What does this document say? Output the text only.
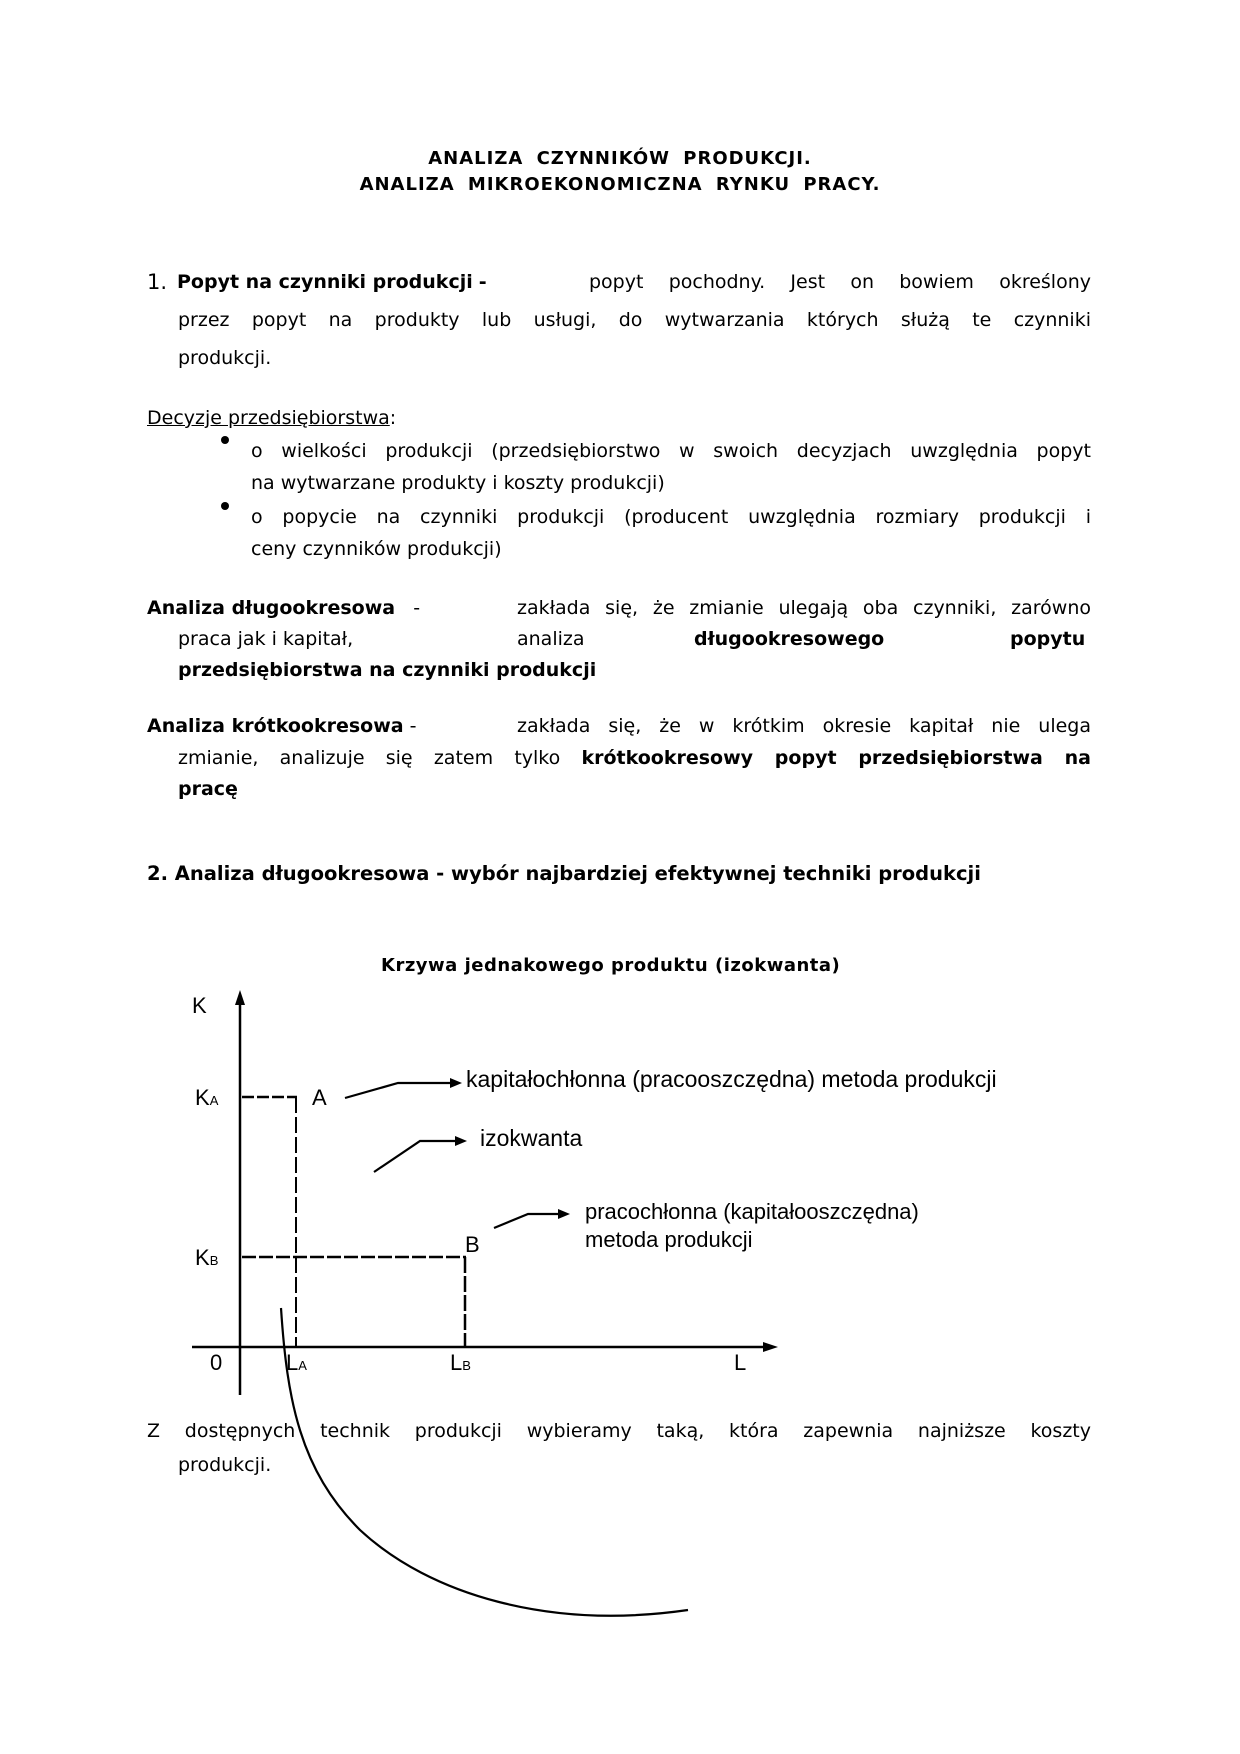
ANALIZA CZYNNIKÓW PRODUKCJI.
ANALIZA MIKROEKONOMICZNA RYNKU PRACY.
1. Popyt na czynniki produkcji -	popyt pochodny. Jest on bowiem określony
przez popyt na produkty lub usługi, do wytwarzania których służą te czynniki
produkcji.
Decyzje przedsiębiorstwa:
o wielkości produkcji (przedsiębiorstwo w swoich decyzjach uwzględnia popyt
na wytwarzane produkty i koszty produkcji)
o popycie na czynniki produkcji (producent uwzględnia rozmiary produkcji i
ceny czynników produkcji)
Analiza długookresowa -	zakłada się, że zmianie ulegają oba czynniki, zarówno
praca jak i kapitał,	analiza	długookresowego	popytu
przedsiębiorstwa na czynniki produkcji
Analiza krótkookresowa -	zakłada się, że w krótkim okresie kapitał nie ulega
zmianie, analizuje się zatem tylko krótkookresowy popyt przedsiębiorstwa na
pracę
2. Analiza długookresowa - wybór najbardziej efektywnej techniki produkcji
Krzywa jednakowego produktu (izokwanta)
K
KA	A
kapitałochłonna (pracooszczędna) metoda produkcji
izokwanta
pracochłonna (kapitałooszczędna)
metoda produkcji
B
KB
0	LA	LB	L
Z dostępnych technik produkcji wybieramy taką, która zapewnia najniższe koszty
produkcji.
